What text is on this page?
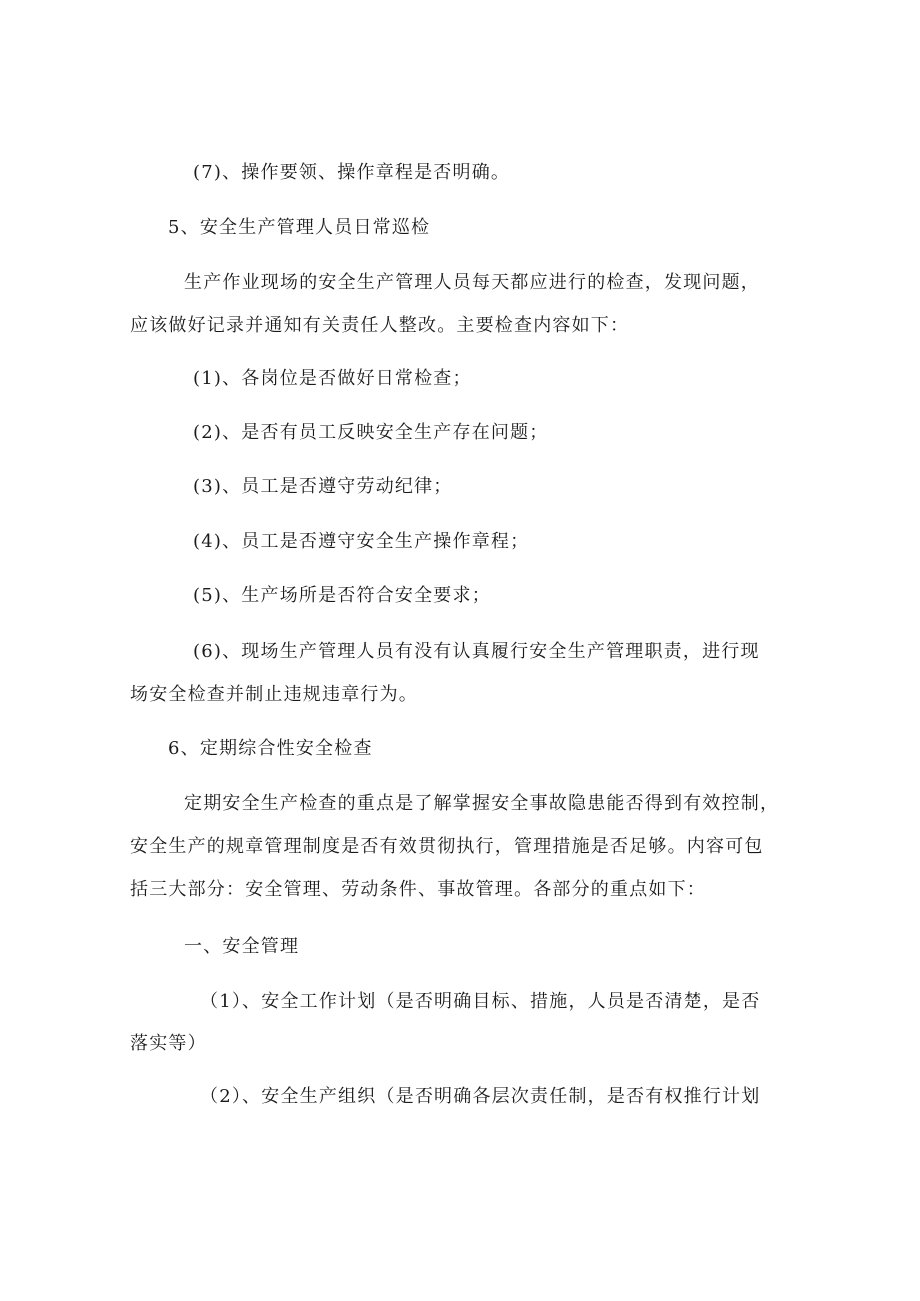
(7)、操作要领、操作章程是否明确。

5、安全生产管理人员日常巡检

生产作业现场的安全生产管理人员每天都应进行的检查，发现问题，

应该做好记录并通知有关责任人整改。主要检查内容如下：

(1)、各岗位是否做好日常检查；

(2)、是否有员工反映安全生产存在问题；

(3)、员工是否遵守劳动纪律；

(4)、员工是否遵守安全生产操作章程；

(5)、生产场所是否符合安全要求；

(6)、现场生产管理人员有没有认真履行安全生产管理职责，进行现

场安全检查并制止违规违章行为。

6、定期综合性安全检查

定期安全生产检查的重点是了解掌握安全事故隐患能否得到有效控制，

安全生产的规章管理制度是否有效贯彻执行，管理措施是否足够。内容可包

括三大部分：安全管理、劳动条件、事故管理。各部分的重点如下：

一、安全管理

（1）、安全工作计划（是否明确目标、措施，人员是否清楚，是否

落实等）

（2）、安全生产组织（是否明确各层次责任制，是否有权推行计划
